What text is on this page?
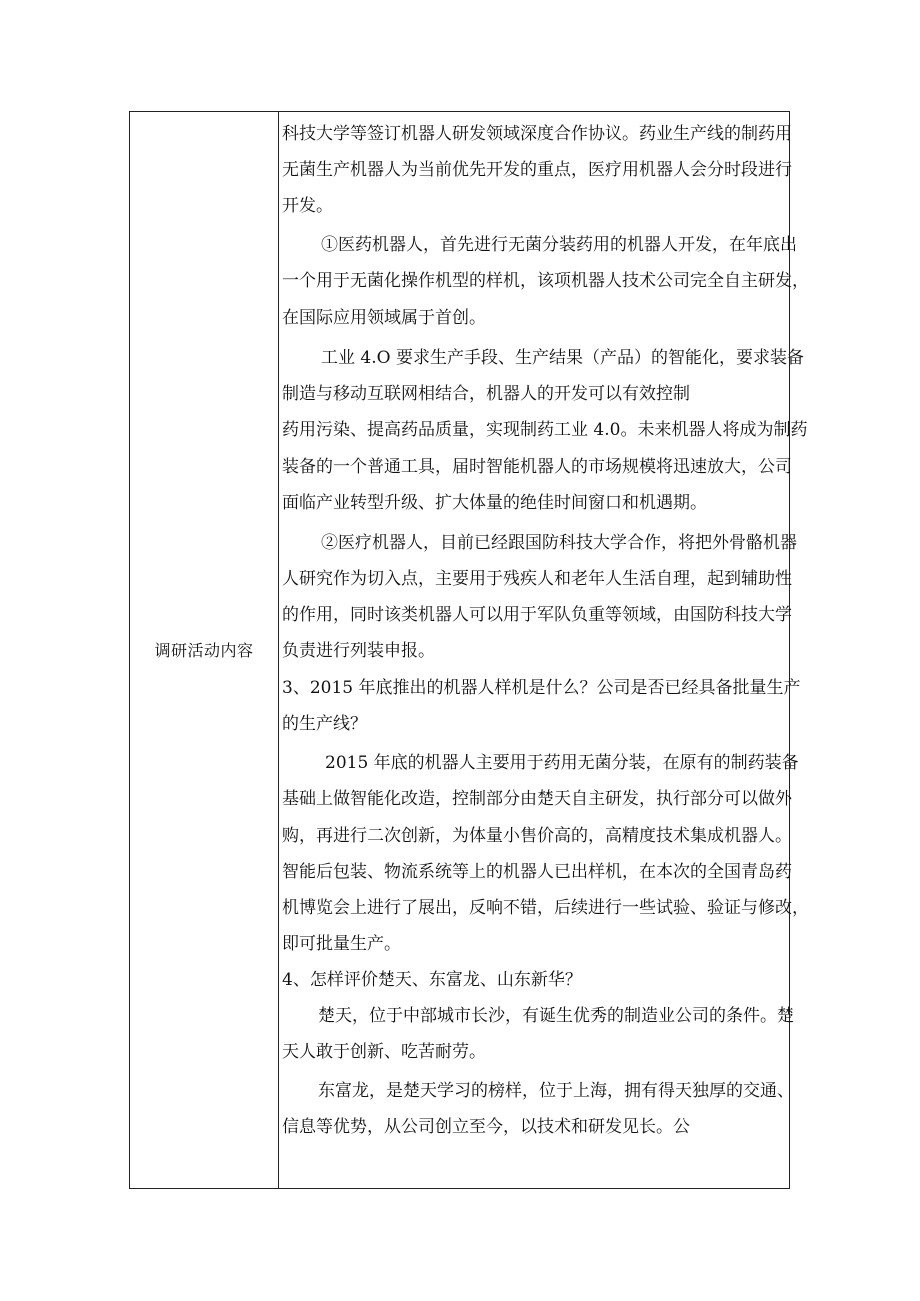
调研活动内容
科技大学等签订机器人研发领域深度合作协议。药业生产线的制药用
无菌生产机器人为当前优先开发的重点，医疗用机器人会分时段进行
开发。
①医药机器人，首先进行无菌分装药用的机器人开发，在年底出
一个用于无菌化操作机型的样机，该项机器人技术公司完全自主研发，
在国际应用领域属于首创。
工业 4.O 要求生产手段、生产结果（产品）的智能化，要求装备
制造与移动互联网相结合，机器人的开发可以有效控制
药用污染、提高药品质量，实现制药工业 4.0。未来机器人将成为制药
装备的一个普通工具，届时智能机器人的市场规模将迅速放大，公司
面临产业转型升级、扩大体量的绝佳时间窗口和机遇期。
②医疗机器人，目前已经跟国防科技大学合作，将把外骨骼机器
人研究作为切入点，主要用于残疾人和老年人生活自理，起到辅助性
的作用，同时该类机器人可以用于军队负重等领域，由国防科技大学
负责进行列装申报。
3、2015 年底推出的机器人样机是什么？公司是否已经具备批量生产
的生产线？
2015 年底的机器人主要用于药用无菌分装，在原有的制药装备
基础上做智能化改造，控制部分由楚天自主研发，执行部分可以做外
购，再进行二次创新，为体量小售价高的，高精度技术集成机器人。
智能后包装、物流系统等上的机器人已出样机，在本次的全国青岛药
机博览会上进行了展出，反响不错，后续进行一些试验、验证与修改，
即可批量生产。
4、怎样评价楚天、东富龙、山东新华？
楚天，位于中部城市长沙，有诞生优秀的制造业公司的条件。楚
天人敢于创新、吃苦耐劳。
东富龙，是楚天学习的榜样，位于上海，拥有得天独厚的交通、
信息等优势，从公司创立至今，以技术和研发见长。公
